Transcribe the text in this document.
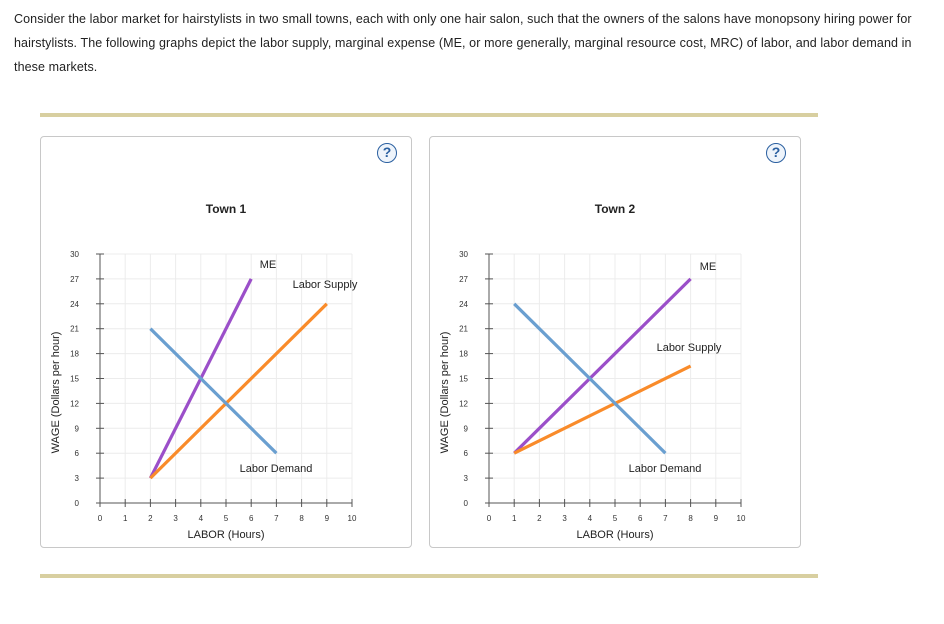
Consider the labor market for hairstylists in two small towns, each with only one hair salon, such that the owners of the salons have monopsony hiring power for hairstylists. The following graphs depict the labor supply, marginal expense (ME, or more generally, marginal resource cost, MRC) of labor, and labor demand in these markets.
Town 1
0
3
6
9
12
15
18
21
24
27
30
0	1	2	3	4	5	6	7	8	9 10
LABOR (Hours)
WAGE (Dollars per hour)
ME
Labor Supply
Labor Demand
?
Town 2
0
3
6
9
12
15
18
21
24
27
30
0	1	2	3	4	5	6	7	8	9 10
LABOR (Hours)
WAGE (Dollars per hour)
ME
Labor Supply
Labor Demand
?
